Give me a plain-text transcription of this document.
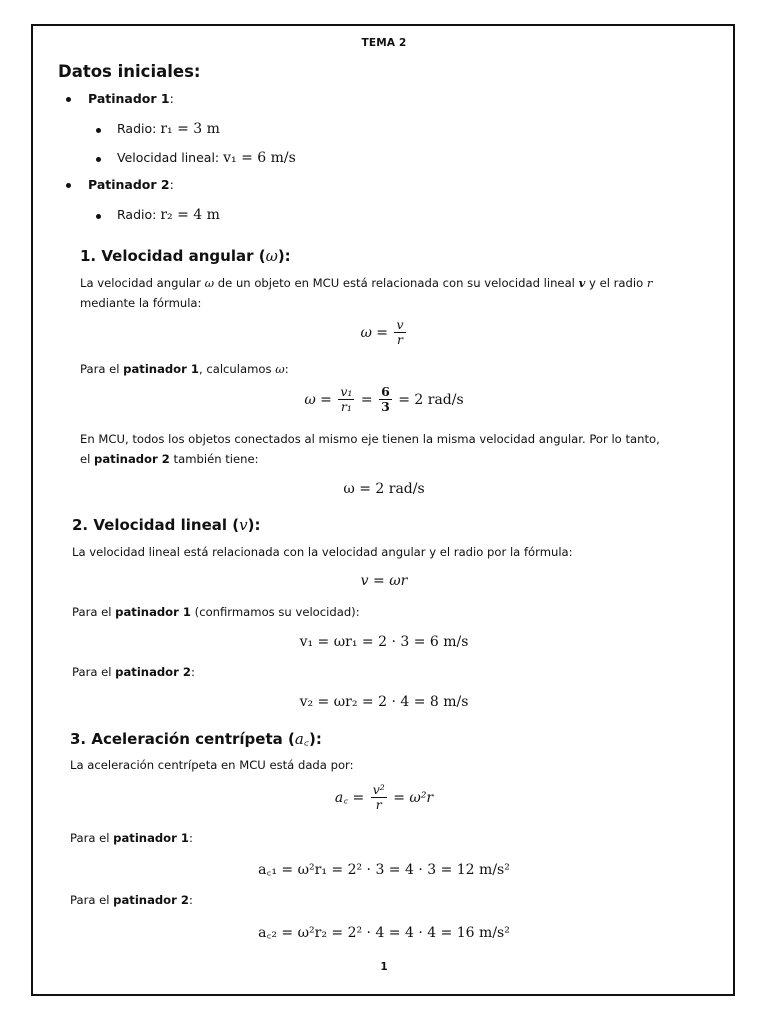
TEMA 2
Datos iniciales:
Patinador 1:
Radio: r₁ = 3 m
Velocidad lineal: v₁ = 6 m/s
Patinador 2:
Radio: r₂ = 4 m
1. Velocidad angular (ω):
La velocidad angular ω de un objeto en MCU está relacionada con su velocidad lineal v y el radio r
mediante la fórmula:
$\omega = \frac{v}{r}$
Para el patinador 1, calculamos ω:
$\omega = \frac{\text{v₁}}{\text{r₁}} = \frac{6}{3} = 2$ rad/s
En MCU, todos los objetos conectados al mismo eje tienen la misma velocidad angular. Por lo tanto,
el patinador 2 también tiene:
ω = 2 rad/s
2. Velocidad lineal (v):
La velocidad lineal está relacionada con la velocidad angular y el radio por la fórmula:
v = ωr
Para el patinador 1 (confirmamos su velocidad):
v₁ = ωr₁ = 2 · 3 = 6 m/s
Para el patinador 2:
v₂ = ωr₂ = 2 · 4 = 8 m/s
3. Aceleración centrípeta (a꜀):
La aceleración centrípeta en MCU está dada por:
a꜀ = $\frac{\text{v²}}{r} = \omega^2r$
Para el patinador 1:
a꜀₁ = ω²r₁ = 2² · 3 = 4 · 3 = 12 m/s²
Para el patinador 2:
a꜀₂ = ω²r₂ = 2² · 4 = 4 · 4 = 16 m/s²
1
